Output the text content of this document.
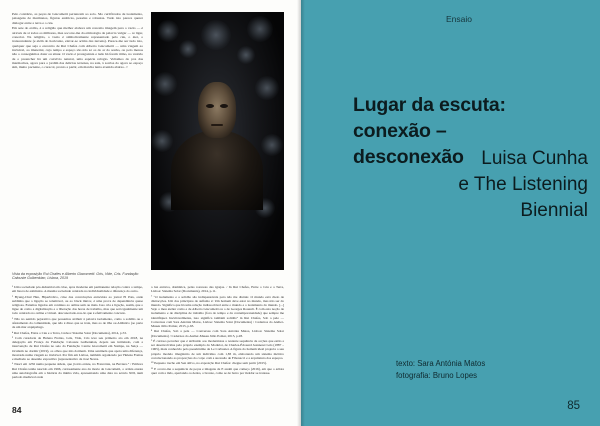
Pelo contrário, as peças de Giacometti pertencem ao solo. São certíficados de isolamento, paisagens de marmanos, figuras estáticas, pesadas e robustas. Tudo isto parece querer dialogar entre a terra e o céu.

Em sete do exílio, é a religião que melhor elabora um conceito imagem para o vazio — é através de si todos os milhares, mas socorre-me da etimologia da palavra vulgar — re ligar, conectar. Na religião, o vazio é simbolicamente representado pelo céu, o éter, o transcendente (e além do horizonte, elevar-se acima das nuvens). Parece-me ser tudo isto, qualquer que seja o encontro de Rui Chafes com Alberto Giacometti — uma viagem ao invisível, ao imaterial, cujo tempo e espaço são não só os do ar do sonho, ou pelo menos não o conseguimos datar ou situar. O vazio é protagonista e tudo há forem ritmo, no vestido de o preencher há um convívio natural, uma espécie relógio. Voltamos do pós das marmorites, agora para o jardim das delícias terrenas, na sala, à sorrisa do agora ao espaço sim, muito paciente, o caracol, pronto a partir, em marcha lenta avenida abaixo. //

Vista da exposição Rui Chafes e Alberto Giacometti. Gris, Vide, Cris. Fundação Calouste Gulbenkian, Lisboa, 2019

¹ Uma sociedade pós-industrial em crise, após moderna em permanente relação contra o tempo, em busca de estímulos. A mesma sociedade centrada no individualidade e diferença do outro.

² Byung-Chul Han, Hiperbólico, crise das convoluções entrevista ao jornal El País, onde sublinha que a ligação ao telemóvel, ou ao black mirror, é uma prova de dependência quase religiosa. Estamos ligados em continuo ao online sem ou mais. Isso cria a ligação, assim, que o ligue de como a digitalização e a liberação das horas de trabalho, mas que será igualmente um todo centrado no online e virtual. desconectado-nos-ão que é efetivamente concreto.

³ Não no sentido pejorativo que possamos atribuir à palavra isolamento, como a solidão ou o afastamento da comunidade, que não é disso que se trata, mas ao de ilha ou Atlântico (ao parte de um mar arquipélago.

⁴ Rui Chafes, Entre o Céu e a Terra, Lisboa: Sistema Solar (Documenta), 2014, p.53.

⁵ Com curadoria de Helena Freitas, Gris, Vide, Cris teve seu primeiro ato em 2018, na delegação em França da Fundação Calouste Gulbenkian, depois seu intitulado, com a intervenção de Rui Chafes no seio da Fundação Centre Giacometti em Stampa, na Suíça — Ocultem no dormir (2019), os olhos que não dormem. Uma sentinela que apoia uma diferença, mostrada numa viagem ao invisível. Por fim em Lisboa, também organizado por Helena Freitas e mediado ao desenho expositivo (representativo de José Neves.

⁶ Nasci em 1256 numa pequena aldeia, que já não existe, na Francónia, na Baviera.” / Embora Rui Chafes tenha nascido em 1966, curiosamente ano da morte de Giacometti, o artista ensaia uma autobiografia em a história da minha vida, apresentando uma data no século XIII, num período medieval onde

a luz entrava, dramática, pelas rosáceas das igrejas. / In Rui Chafes, Entre o Céu e a Terra, Lisboa: Sistema Solar (Documenta), 2014, p.11.

⁷ “O isolamento e a solidão são indispensáveis para não me distrair. O mundo está cheio de distracções. Um dos principios do sufismo é: Um homem deve estar no mundo, mas não ser do mundo. Significa que há uma relação indissociável entre o mundo e o isolamento do mundo. [...] Vejo o meu atelier como e de Alberto Giacometti ou o de Georges Rouault. É com esta noção de isolamento e de disciplina de trabalho (fora do tempo e da contemporaneidade) que sempre me identifiquei. Inevitavelmente, isso significa também solidão” in Rui Chafes, Sob a pele — Conversas com Sara Antónia Matos, Lisboa: Sistema Solar (Documenta) / Cadernos do Atelier-Museu Júlio Pomar, 2015, p.63.

⁸ Rui Chafes, Sob a pele — Conversas com Sara Antónia Matos, Lisboa: Sistema Solar (Documenta) / Cadernos do Atelier-Museu Júlio Pomar, 2015, p.28.

⁹ É curioso perceber que é atribuído aos modernistas a restante sequência de acções que estão a ser desenvolvidas pelo próprio exemplo do Modulor, de Charles-Édouard Jeanneret Gris (1887 – 1965), mais conhecido pelo pseudónimo de Le Corbusier. A figura do homem ideal projecta o seu próprio modelo imaginário de um indivíduo com 1,83 m, elaborando um sistema métrico correlacionando as proporções do corpo com a sucessão de Fibonacci e a arquitetura dos espaços.

¹⁰ Pequeno trecho em Sen altivo, no exposição Rui Chafes: chegue sem partir (2015).

¹¹ E ocorre-me a sequência de peças e imagens de E assim que começo (2016), em que o artista quer com a mão, apertando os dedos, o bronze, como se de barro por moldar se tratasse.

84
Ensaio
Lugar da escuta:
conexão – desconexão Luisa Cunha
e The Listening
Biennial
texto: Sara Antónia Matos
fotografia: Bruno Lopes
85
